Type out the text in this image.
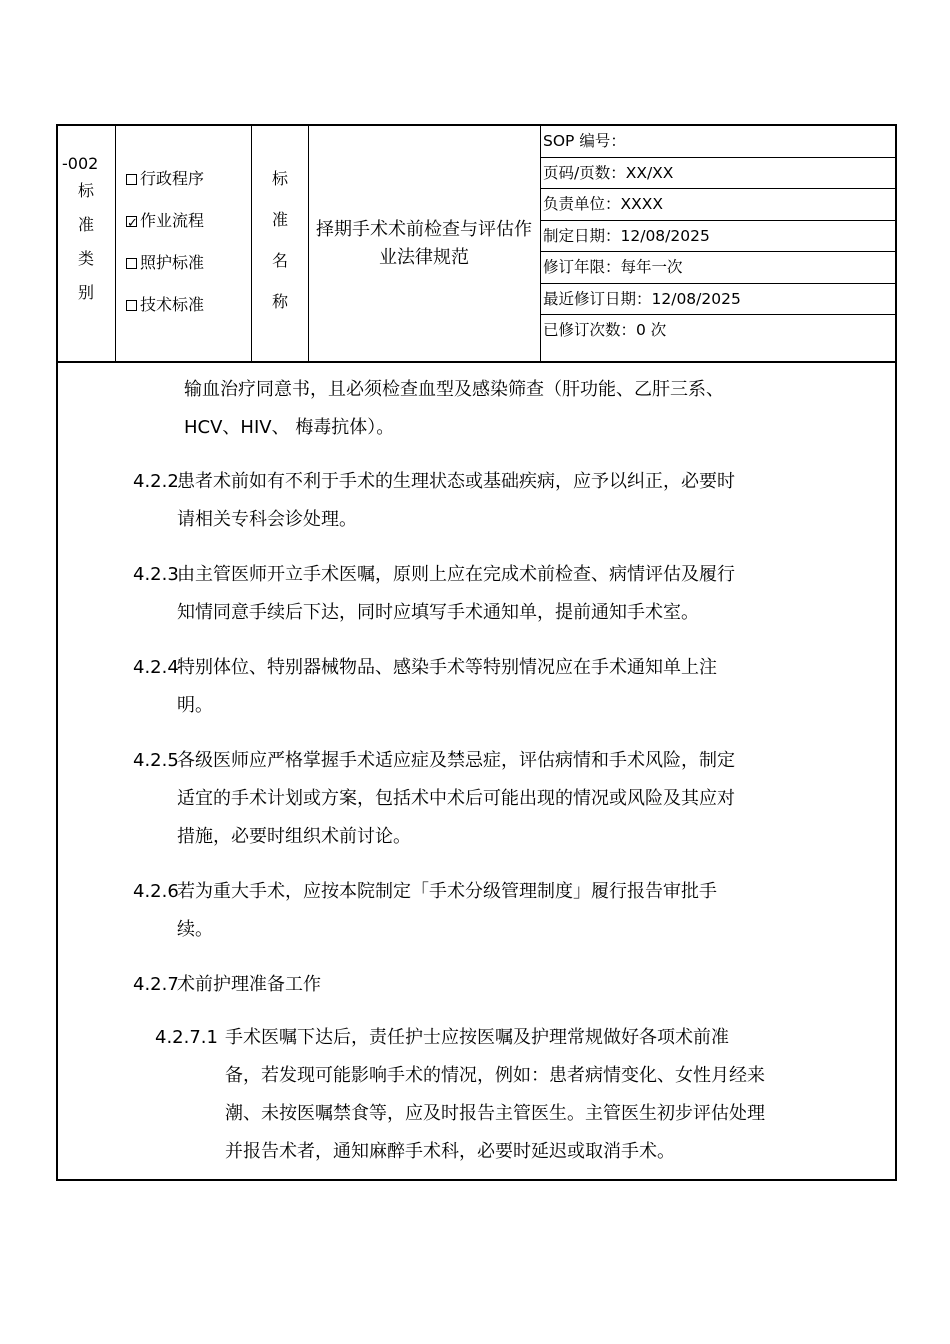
-002
标
准
类
别
行政程序
✓
作业流程
照护标准
技术标准
标
准
名
称
择期手术术前检查与评估作业法律规范
SOP 编号：
页码/页数：XX/XX
负责单位：XXXX
制定日期：12/08/2025
修订年限：每年一次
最近修订日期：12/08/2025
已修订次数：0 次
输血治疗同意书，且必须检查血型及感染筛查（肝功能、乙肝三系、
HCV、HIV、 梅毒抗体）。
4.2.2
患者术前如有不利于手术的生理状态或基础疾病，应予以纠正，必要时
请相关专科会诊处理。
4.2.3
由主管医师开立手术医嘱，原则上应在完成术前检查、病情评估及履行
知情同意手续后下达，同时应填写手术通知单，提前通知手术室。
4.2.4
特别体位、特别器械物品、感染手术等特别情况应在手术通知单上注
明。
4.2.5
各级医师应严格掌握手术适应症及禁忌症，评估病情和手术风险，制定
适宜的手术计划或方案，包括术中术后可能出现的情况或风险及其应对
措施，必要时组织术前讨论。
4.2.6
若为重大手术，应按本院制定「手术分级管理制度」履行报告审批手
续。
4.2.7
术前护理准备工作
4.2.7.1 手术医嘱下达后，责任护士应按医嘱及护理常规做好各项术前准
备，若发现可能影响手术的情况，例如：患者病情变化、女性月经来
潮、未按医嘱禁食等，应及时报告主管医生。主管医生初步评估处理
并报告术者，通知麻醉手术科，必要时延迟或取消手术。
